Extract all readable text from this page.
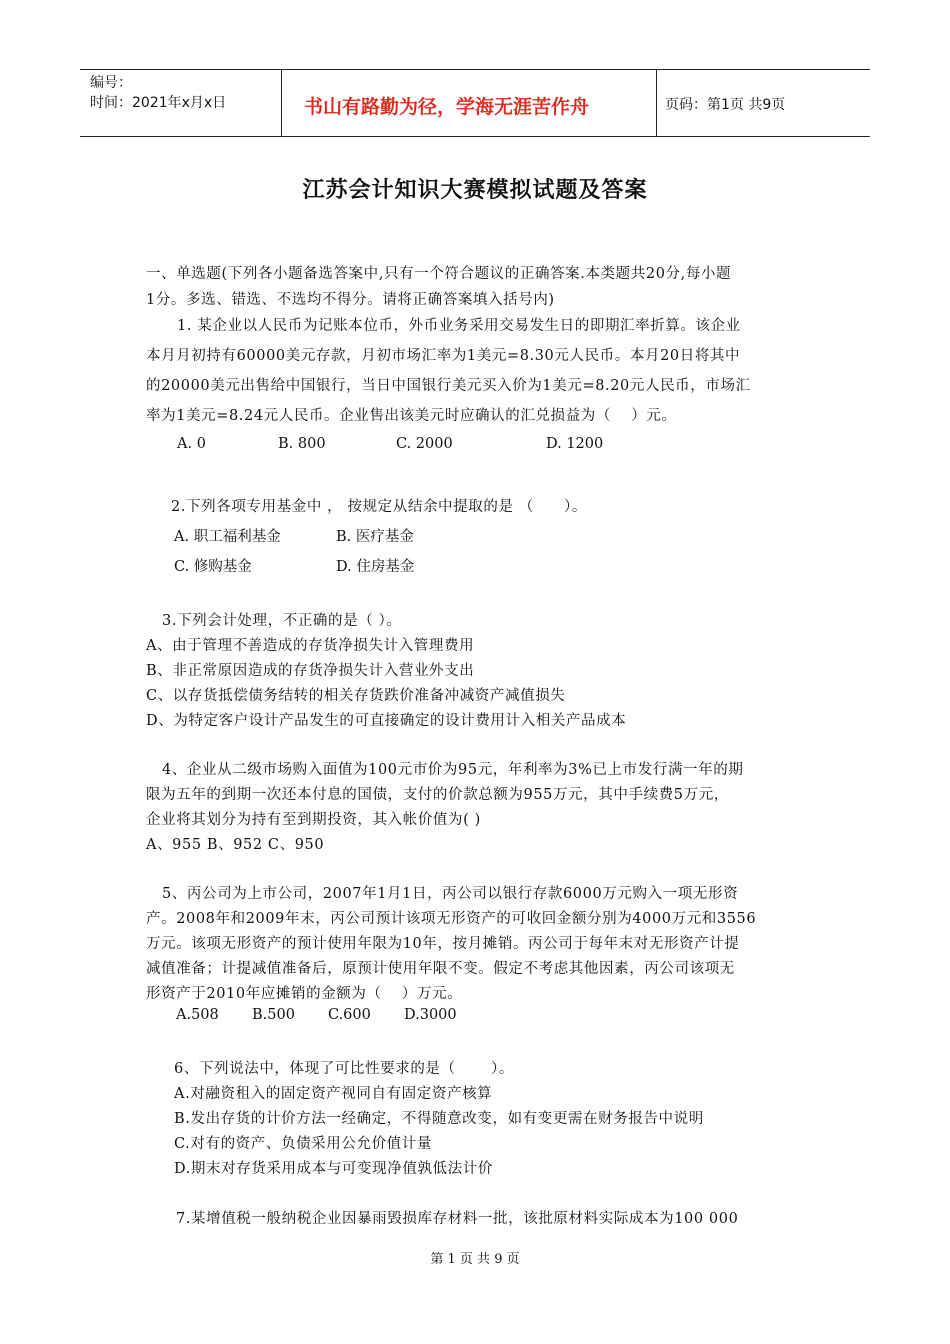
编号：
时间：2021年x月x日	书山有路勤为径，学海无涯苦作舟	页码：第1页 共9页
江苏会计知识大赛模拟试题及答案
一、单选题(下列各小题备选答案中,只有一个符合题议的正确答案.本类题共20分,每小题
1分。多选、错选、不选均不得分。请将正确答案填入括号内)
1. 某企业以人民币为记账本位币，外币业务采用交易发生日的即期汇率折算。该企业
本月月初持有60000美元存款，月初市场汇率为1美元=8.30元人民币。本月20日将其中
的20000美元出售给中国银行，当日中国银行美元买入价为1美元=8.20元人民币，市场汇
率为1美元=8.24元人民币。企业售出该美元时应确认的汇兑损益为（　 ）元。
A. 0	B. 800	C. 2000	D. 1200
2.下列各项专用基金中 ， 按规定从结余中提取的是 （　　）。
A. 职工福利基金	B. 医疗基金
C. 修购基金	D. 住房基金
3.下列会计处理，不正确的是（ ）。
A、由于管理不善造成的存货净损失计入管理费用
B、非正常原因造成的存货净损失计入营业外支出
C、以存货抵偿债务结转的相关存货跌价准备冲减资产减值损失
D、为特定客户设计产品发生的可直接确定的设计费用计入相关产品成本
4、企业从二级市场购入面值为100元市价为95元，年利率为3%已上市发行满一年的期
限为五年的到期一次还本付息的国债，支付的价款总额为955万元，其中手续费5万元，
企业将其划分为持有至到期投资，其入帐价值为( )
A、955 B、952 C、950
5、丙公司为上市公司，2007年1月1日，丙公司以银行存款6000万元购入一项无形资
产。2008年和2009年末，丙公司预计该项无形资产的可收回金额分别为4000万元和3556
万元。该项无形资产的预计使用年限为10年，按月摊销。丙公司于每年末对无形资产计提
减值准备；计提减值准备后，原预计使用年限不变。假定不考虑其他因素，丙公司该项无
形资产于2010年应摊销的金额为（　 ）万元。
A.508 B.500 C.600 D.3000
6、下列说法中，体现了可比性要求的是（　　 ）。
A.对融资租入的固定资产视同自有固定资产核算
B.发出存货的计价方法一经确定，不得随意改变，如有变更需在财务报告中说明
C.对有的资产、负债采用公允价值计量
D.期末对存货采用成本与可变现净值孰低法计价
7.某增值税一般纳税企业因暴雨毁损库存材料一批，该批原材料实际成本为100 000
第 1 页 共 9 页
